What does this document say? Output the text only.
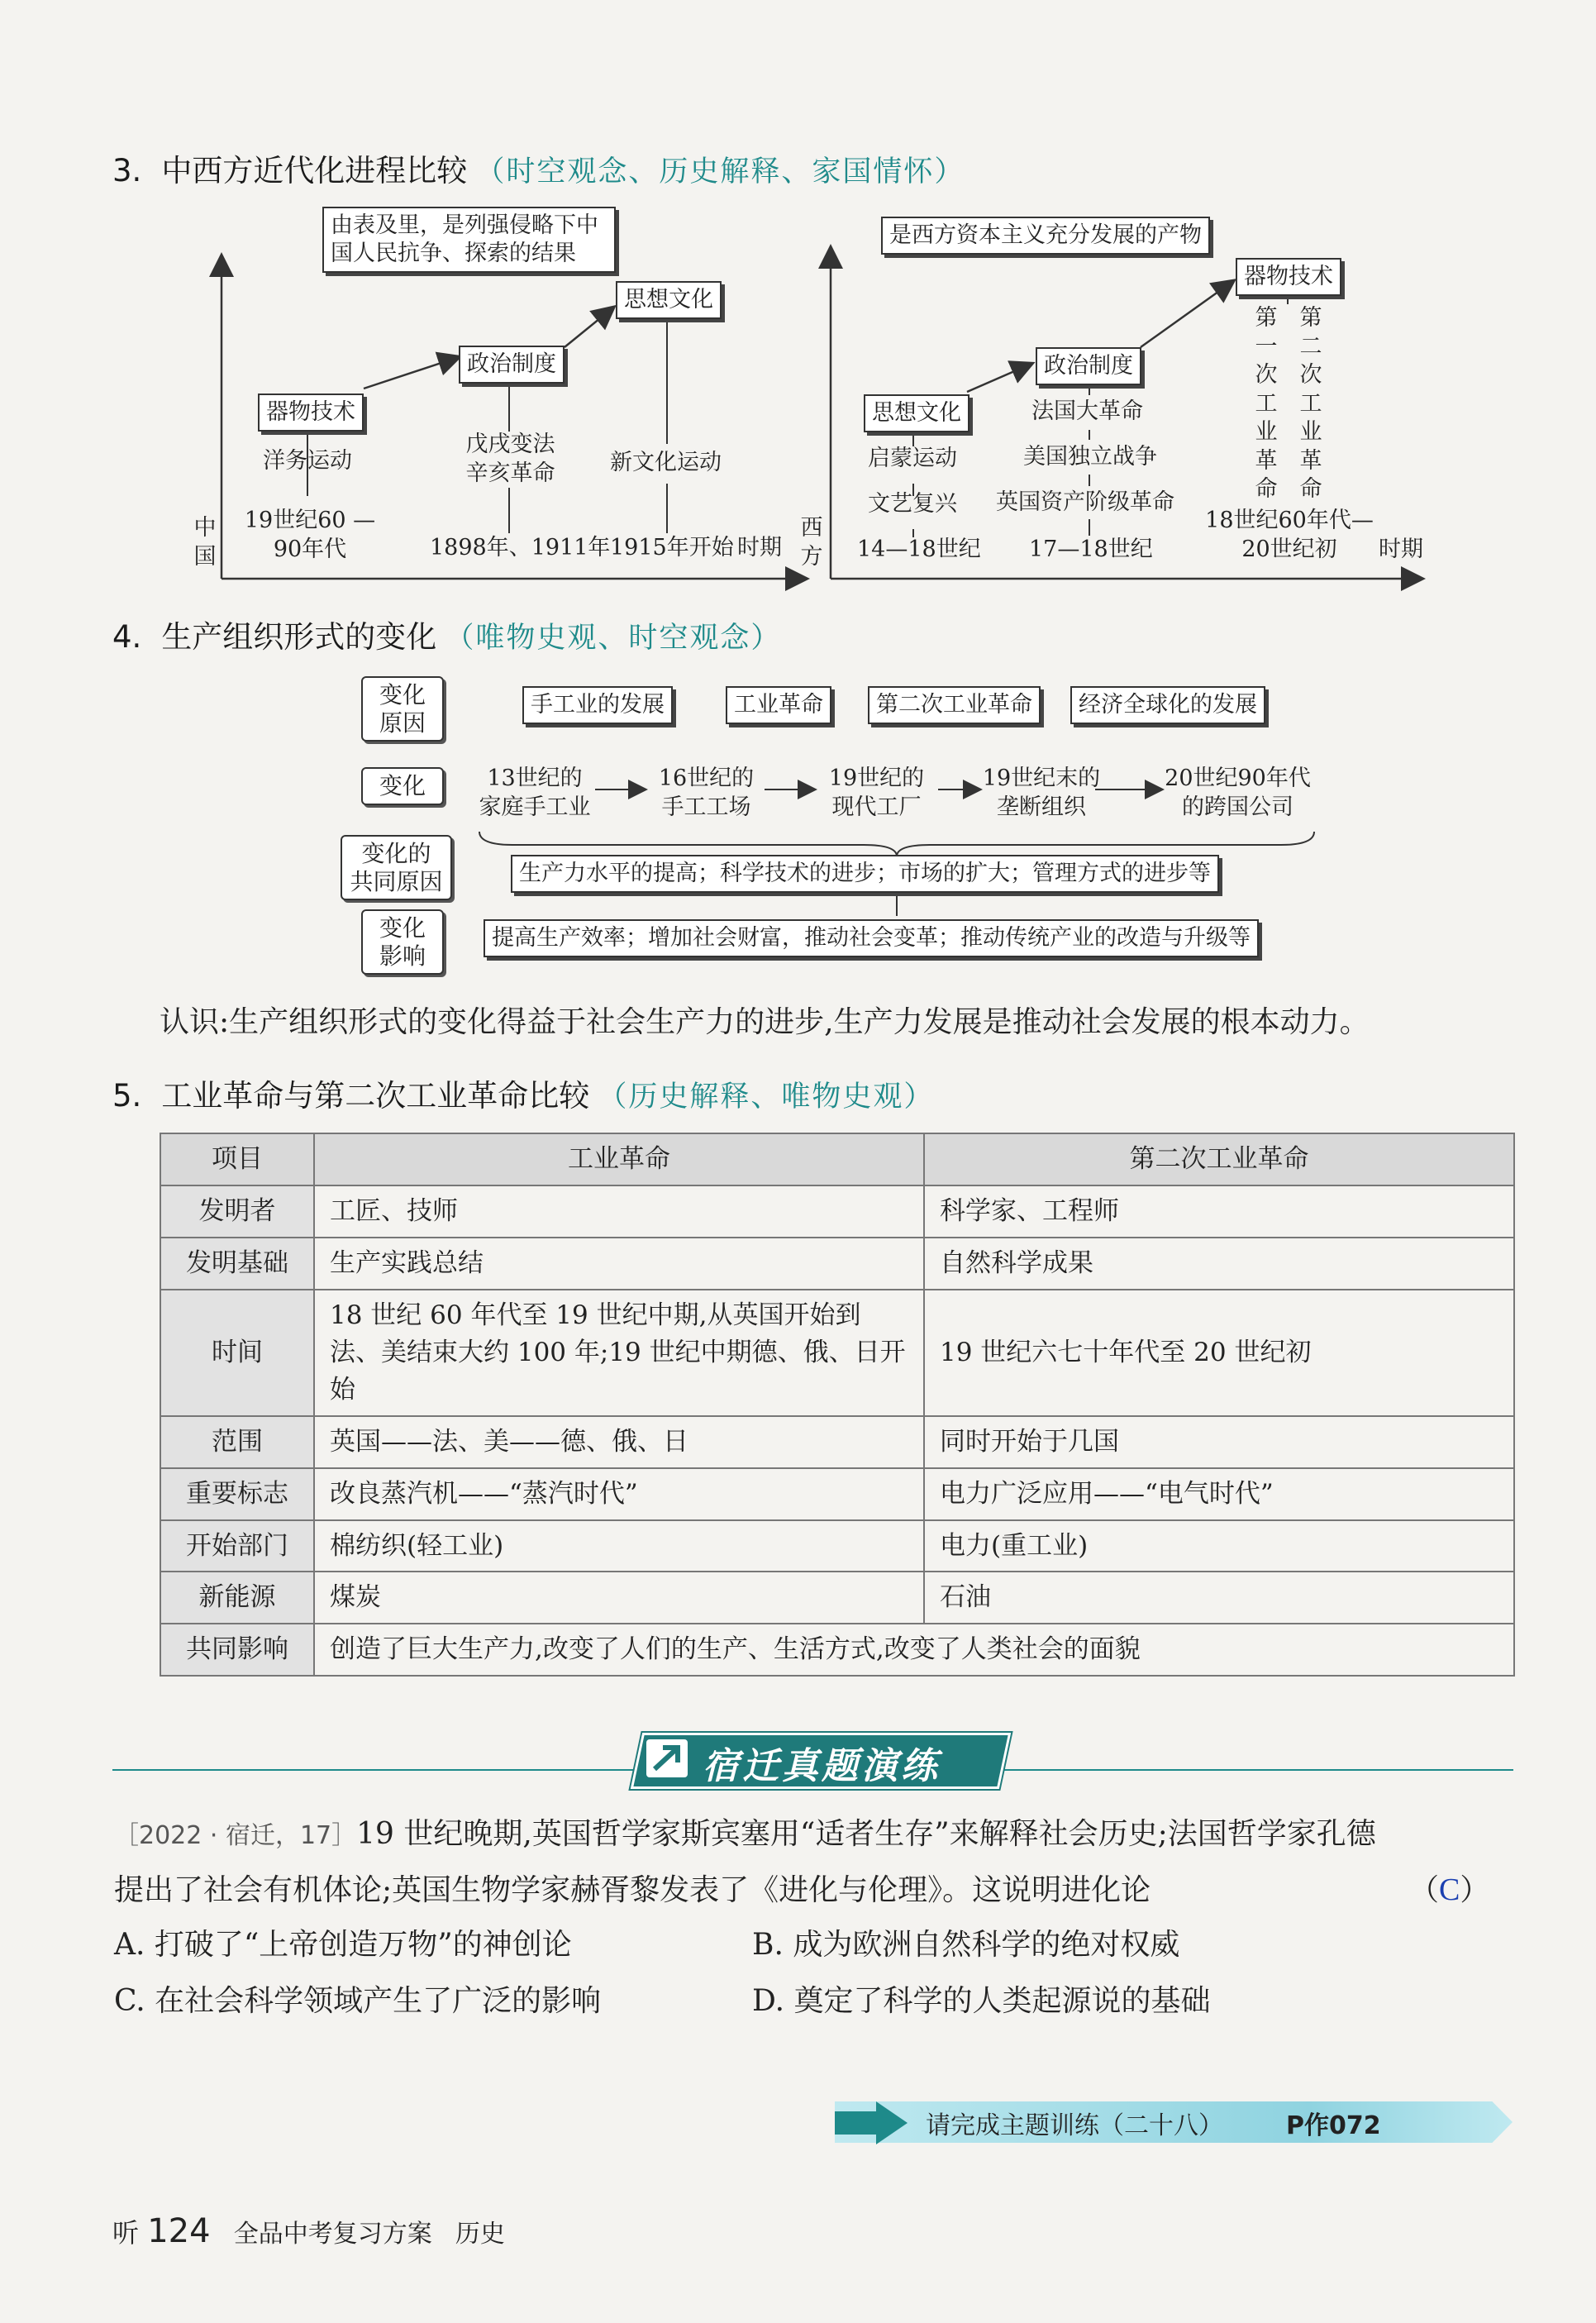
3. 中西方近代化进程比较 （时空观念、历史解释、家国情怀）
由表及里，是列强侵略下中
国人民抗争、探索的结果
器物技术
政治制度
思想文化
洋务运动
戊戌变法
辛亥革命	新文化运动
19世纪60 —
90年代	1898年、1911年 1915年开始
中
国	时期
是西方资本主义充分发展的产物
思想文化
政治制度
器物技术
启蒙运动
文艺复兴
法国大革命
美国独立战争
英国资产阶级革命
第一次工业革命
第二次工业革命
14—18世纪 17—18世纪
18世纪60年代—
20世纪初
西
方	时期
4. 生产组织形式的变化 （唯物史观、时空观念）
变化
原因
变化
变化的
共同原因
变化
影响
手工业的发展	工业革命	第二次工业革命	经济全球化的发展
13世纪的
家庭手工业
16世纪的
手工工场
19世纪的
现代工厂
19世纪末的
垄断组织
20世纪90年代
的跨国公司
生产力水平的提高；科学技术的进步；市场的扩大；管理方式的进步等
提高生产效率；增加社会财富，推动社会变革；推动传统产业的改造与升级等
认识:生产组织形式的变化得益于社会生产力的进步,生产力发展是推动社会发展的根本动力。
5. 工业革命与第二次工业革命比较 （历史解释、唯物史观）
项目	工业革命	第二次工业革命
发明者	工匠、技师	科学家、工程师
发明基础	生产实践总结	自然科学成果
时间	18 世纪 60 年代至 19 世纪中期,从英国开始到法、美结束大约 100 年;19 世纪中期德、俄、日开始	19 世纪六七十年代至 20 世纪初
范围	英国——法、美——德、俄、日	同时开始于几国
重要标志	改良蒸汽机——“蒸汽时代”	电力广泛应用——“电气时代”
开始部门	棉纺织(轻工业)	电力(重工业)
新能源	煤炭	石油
共同影响	创造了巨大生产力,改变了人们的生产、生活方式,改变了人类社会的面貌	
宿迁真题演练
［2022 · 宿迁，17］19 世纪晚期,英国哲学家斯宾塞用“适者生存”来解释社会历史;法国哲学家孔德
提出了社会有机体论;英国生物学家赫胥黎发表了《进化与伦理》。这说明进化论	（C）
A. 打破了“上帝创造万物”的神创论	B. 成为欧洲自然科学的绝对权威
C. 在社会科学领域产生了广泛的影响	D. 奠定了科学的人类起源说的基础
请完成主题训练（二十八）	P作072
听 124 全品中考复习方案 历史
